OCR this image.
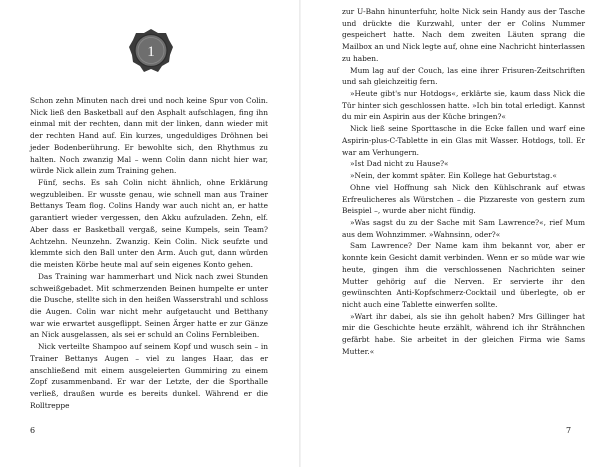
1

Schon zehn Minuten nach drei und noch keine Spur von Colin. Nick ließ den Basketball auf den Asphalt aufschlagen, fing ihn einmal mit der rechten, dann mit der linken, dann wieder mit der rechten Hand auf. Ein kurzes, ungeduldiges Dröhnen bei jeder Bodenberührung. Er bewohlte sich, den Rhythmus zu halten. Noch zwanzig Mal – wenn Colin dann nicht hier war, würde Nick allein zum Training gehen.

Fünf, sechs. Es sah Colin nicht ähnlich, ohne Erklärung wegzubleiben. Er wusste genau, wie schnell man aus Trainer Bettanys Team flog. Colins Handy war auch nicht an, er hatte garantiert wieder vergessen, den Akku aufzuladen. Zehn, elf. Aber dass er Basketball vergaß, seine Kumpels, sein Team? Achtzehn. Neunzehn. Zwanzig. Kein Colin. Nick seufzte und klemmte sich den Ball unter den Arm. Auch gut, dann würden die meisten Körbe heute mal auf sein eigenes Konto gehen.

Das Training war hammerhart und Nick nach zwei Stunden schweißgebadet. Mit schmerzenden Beinen humpelte er unter die Dusche, stellte sich in den heißen Wasserstrahl und schloss die Augen. Colin war nicht mehr aufgetaucht und Betthany war wie erwartet ausgeflippt. Seinen Ärger hatte er zur Gänze an Nick ausgelassen, als sei er schuld an Colins Fernbleiben.

Nick verteilte Shampoo auf seinem Kopf und wusch sein – in Trainer Bettanys Augen – viel zu langes Haar, das er anschließend mit einem ausgeleierten Gummiring zu einem Zopf zusammenband. Er war der Letzte, der die Sporthalle verließ, draußen wurde es bereits dunkel. Während er die Rolltreppe

6

zur U-Bahn hinunterfuhr, holte Nick sein Handy aus der Tasche und drückte die Kurzwahl, unter der er Colins Nummer gespeichert hatte. Nach dem zweiten Läuten sprang die Mailbox an und Nick legte auf, ohne eine Nachricht hinterlassen zu haben.

Mum lag auf der Couch, las eine ihrer Frisuren-Zeitschriften und sah gleichzeitig fern.

»Heute gibt's nur Hotdogs«, erklärte sie, kaum dass Nick die Tür hinter sich geschlossen hatte. »Ich bin total erledigt. Kannst du mir ein Aspirin aus der Küche bringen?«

Nick ließ seine Sporttasche in die Ecke fallen und warf eine Aspirin-plus-C-Tablette in ein Glas mit Wasser. Hotdogs, toll. Er war am Verhungern.

»Ist Dad nicht zu Hause?«

»Nein, der kommt später. Ein Kollege hat Geburtstag.«

Ohne viel Hoffnung sah Nick den Kühlschrank auf etwas Erfreulicheres als Würstchen – die Pizzareste von gestern zum Beispiel –, wurde aber nicht fündig.

»Was sagst du zu der Sache mit Sam Lawrence?«, rief Mum aus dem Wohnzimmer. »Wahnsinn, oder?«

Sam Lawrence? Der Name kam ihm bekannt vor, aber er konnte kein Gesicht damit verbinden. Wenn er so müde war wie heute, gingen ihm die verschlossenen Nachrichten seiner Mutter gehörig auf die Nerven. Er servierte ihr den gewünschten Anti-Kopfschmerz-Cocktail und überlegte, ob er nicht auch eine Tablette einwerfen sollte.

»Wart ihr dabei, als sie ihn geholt haben? Mrs Gillinger hat mir die Geschichte heute erzählt, während ich ihr Strähnchen gefärbt habe. Sie arbeitet in der gleichen Firma wie Sams Mutter.«

7
